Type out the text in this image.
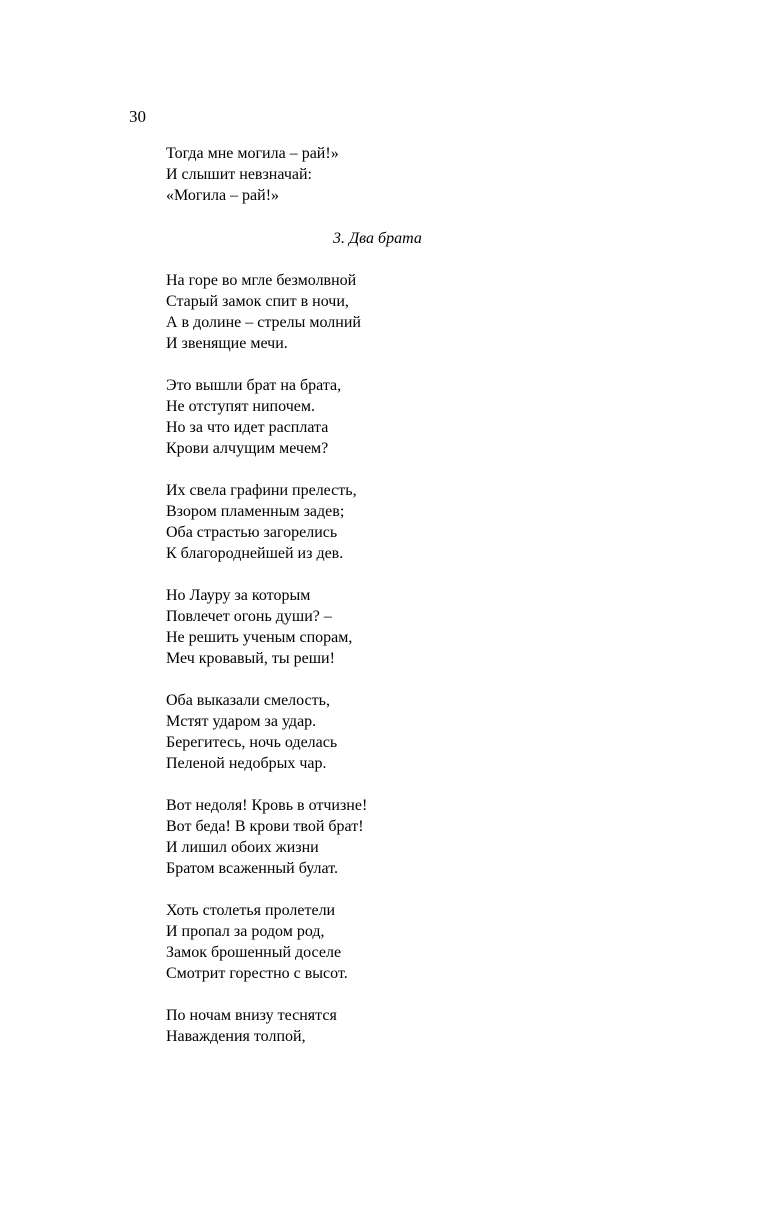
30

Тогда мне могила – рай!»
И слышит невзначай:
«Могила – рай!»

3. Два брата

На горе во мгле безмолвной
Старый замок спит в ночи,
А в долине – стрелы молний
И звенящие мечи.

Это вышли брат на брата,
Не отступят нипочем.
Но за что идет расплата
Крови алчущим мечем?

Их свела графини прелесть,
Взором пламенным задев;
Оба страстью загорелись
К благороднейшей из дев.

Но Лауру за которым
Повлечет огонь души? –
Не решить ученым спорам,
Меч кровавый, ты реши!

Оба выказали смелость,
Мстят ударом за удар.
Берегитесь, ночь оделась
Пеленой недобрых чар.

Вот недоля! Кровь в отчизне!
Вот беда! В крови твой брат!
И лишил обоих жизни
Братом всаженный булат.

Хоть столетья пролетели
И пропал за родом род,
Замок брошенный доселе
Смотрит горестно с высот.

По ночам внизу теснятся
Наваждения толпой,
